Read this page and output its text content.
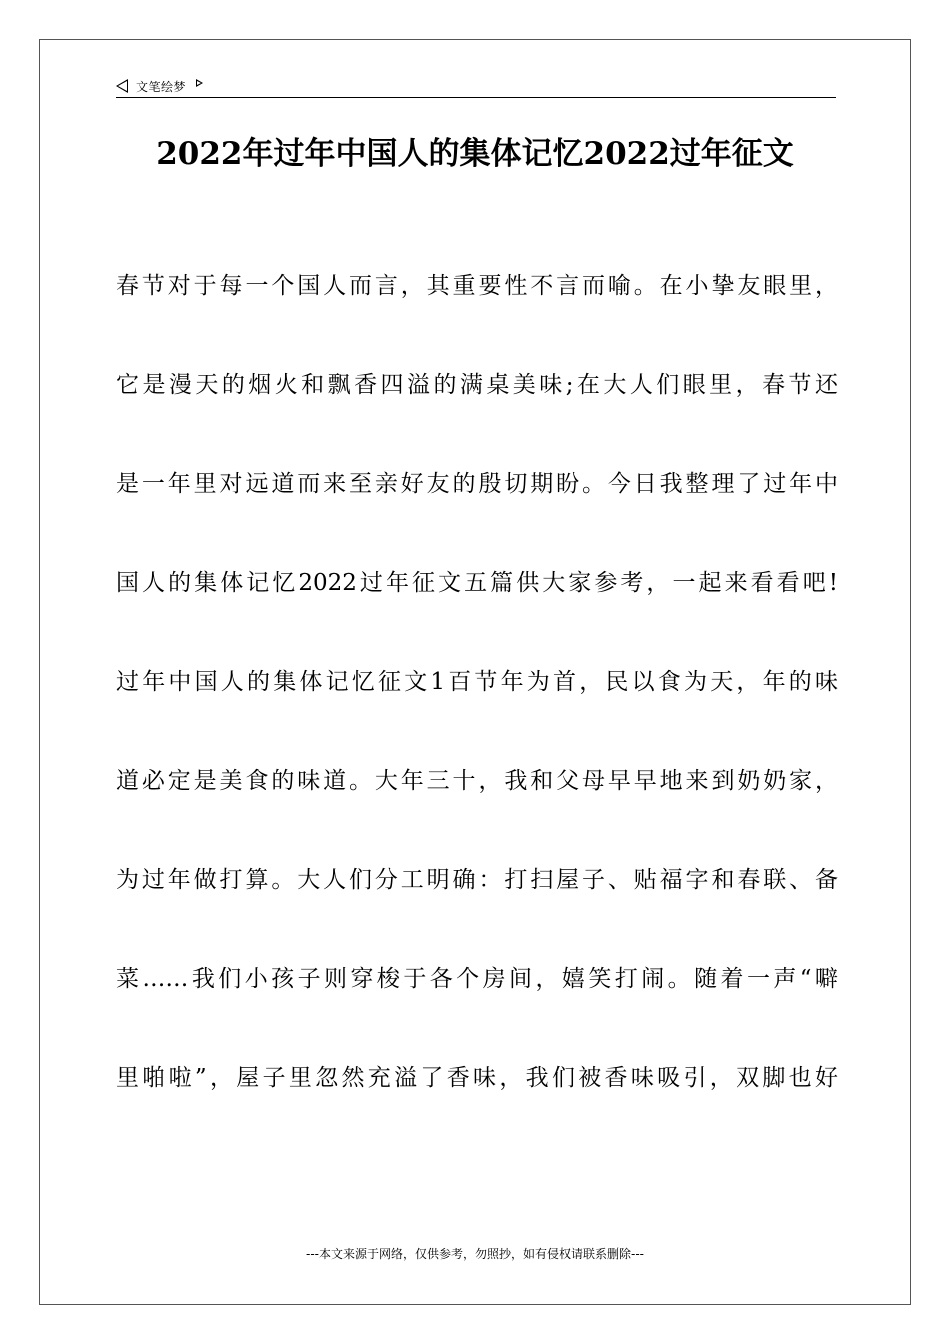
文笔绘梦
2022年过年中国人的集体记忆2022过年征文

春节对于每一个国人而言，其重要性不言而喻。在小挚友眼里，

它是漫天的烟火和飘香四溢的满桌美味;在大人们眼里，春节还

是一年里对远道而来至亲好友的殷切期盼。今日我整理了过年中

国人的集体记忆2022过年征文五篇供大家参考，一起来看看吧!

过年中国人的集体记忆征文1百节年为首，民以食为天，年的味

道必定是美食的味道。大年三十，我和父母早早地来到奶奶家，

为过年做打算。大人们分工明确：打扫屋子、贴福字和春联、备

菜……我们小孩子则穿梭于各个房间，嬉笑打闹。随着一声“噼

里啪啦”，屋子里忽然充溢了香味，我们被香味吸引，双脚也好

---本文来源于网络，仅供参考，勿照抄，如有侵权请联系删除---
